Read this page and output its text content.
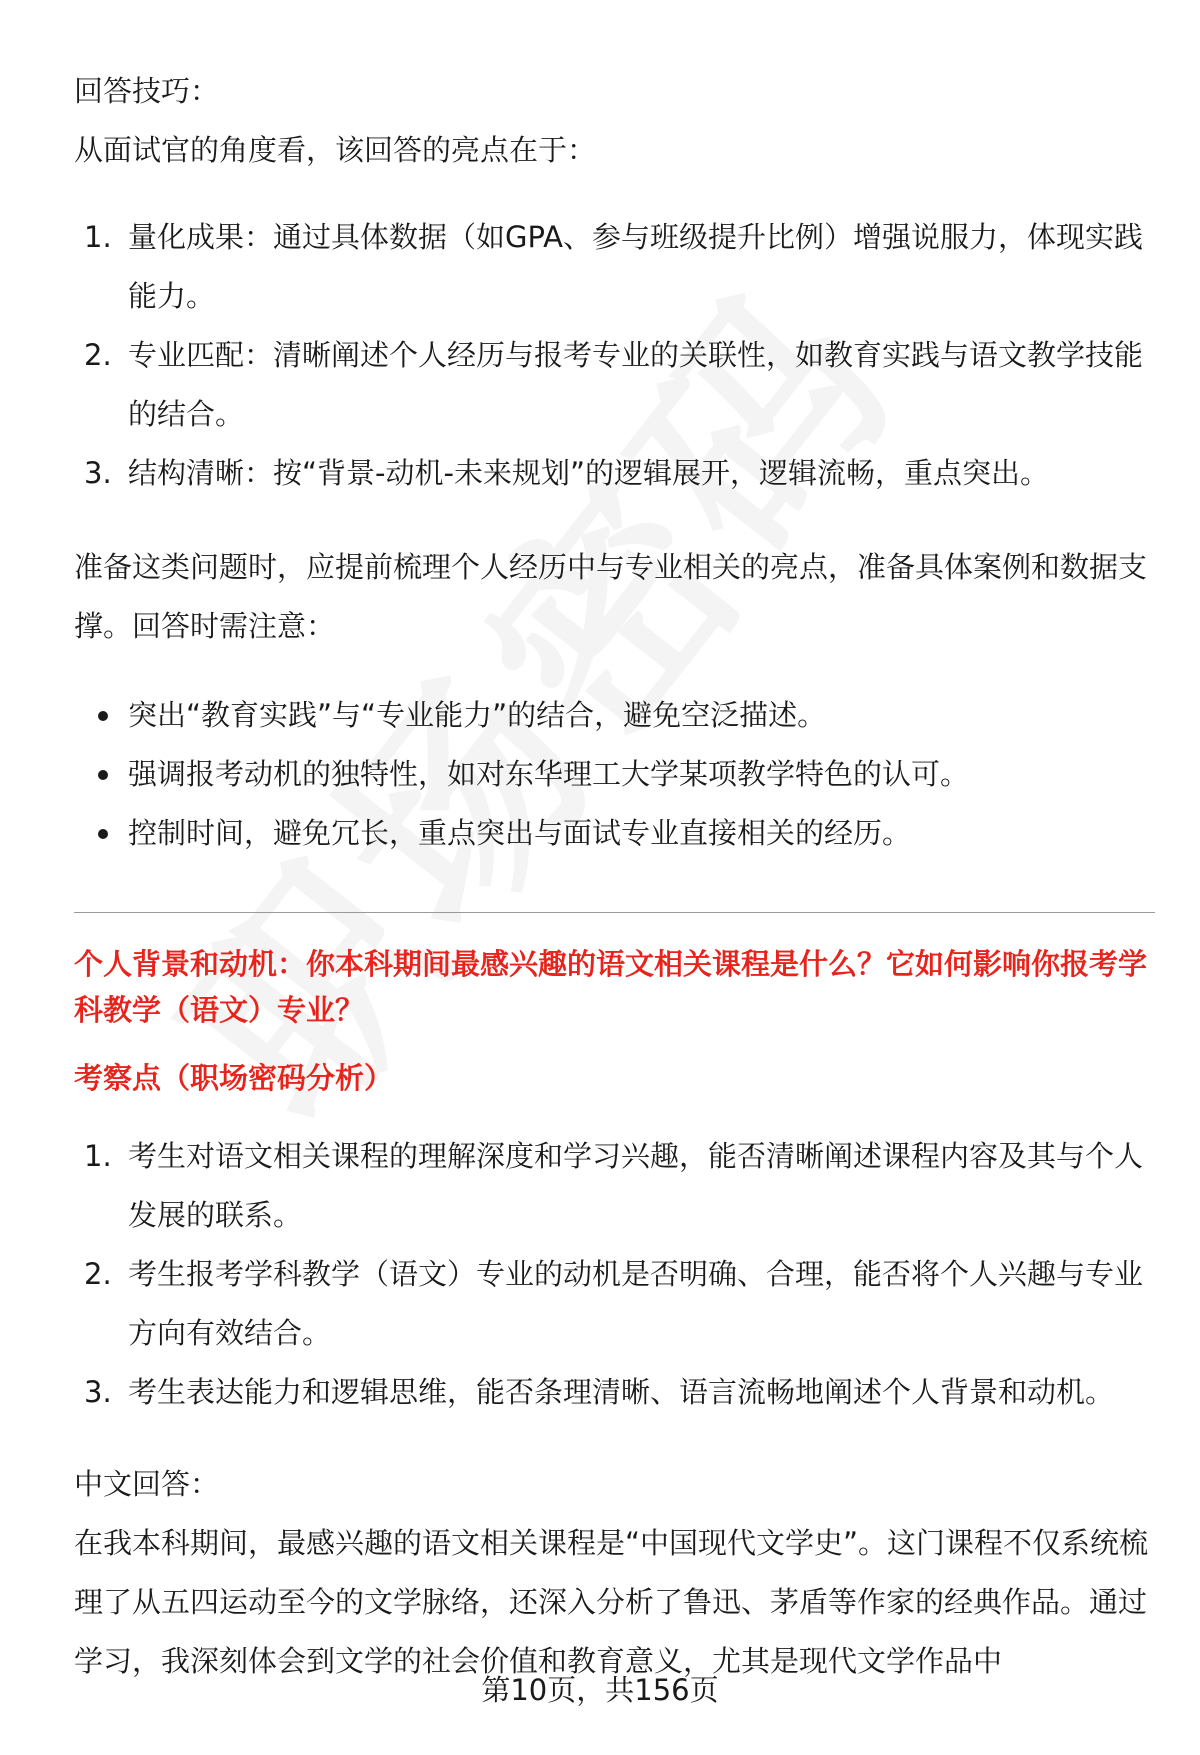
回答技巧：

从面试官的角度看，该回答的亮点在于：

1. 量化成果：通过具体数据（如GPA、参与班级提升比例）增强说服力，体现实践能力。
2. 专业匹配：清晰阐述个人经历与报考专业的关联性，如教育实践与语文教学技能的结合。
3. 结构清晰：按“背景-动机-未来规划”的逻辑展开，逻辑流畅，重点突出。

准备这类问题时，应提前梳理个人经历中与专业相关的亮点，准备具体案例和数据支撑。回答时需注意：

突出“教育实践”与“专业能力”的结合，避免空泛描述。
强调报考动机的独特性，如对东华理工大学某项教学特色的认可。
控制时间，避免冗长，重点突出与面试专业直接相关的经历。

个人背景和动机：你本科期间最感兴趣的语文相关课程是什么？它如何影响你报考学科教学（语文）专业？

考察点（职场密码分析）

1. 考生对语文相关课程的理解深度和学习兴趣，能否清晰阐述课程内容及其与个人发展的联系。
2. 考生报考学科教学（语文）专业的动机是否明确、合理，能否将个人兴趣与专业方向有效结合。
3. 考生表达能力和逻辑思维，能否条理清晰、语言流畅地阐述个人背景和动机。

中文回答：

在我本科期间，最感兴趣的语文相关课程是“中国现代文学史”。这门课程不仅系统梳理了从五四运动至今的文学脉络，还深入分析了鲁迅、茅盾等作家的经典作品。通过学习，我深刻体会到文学的社会价值和教育意义，尤其是现代文学作品中

第10页，共156页
